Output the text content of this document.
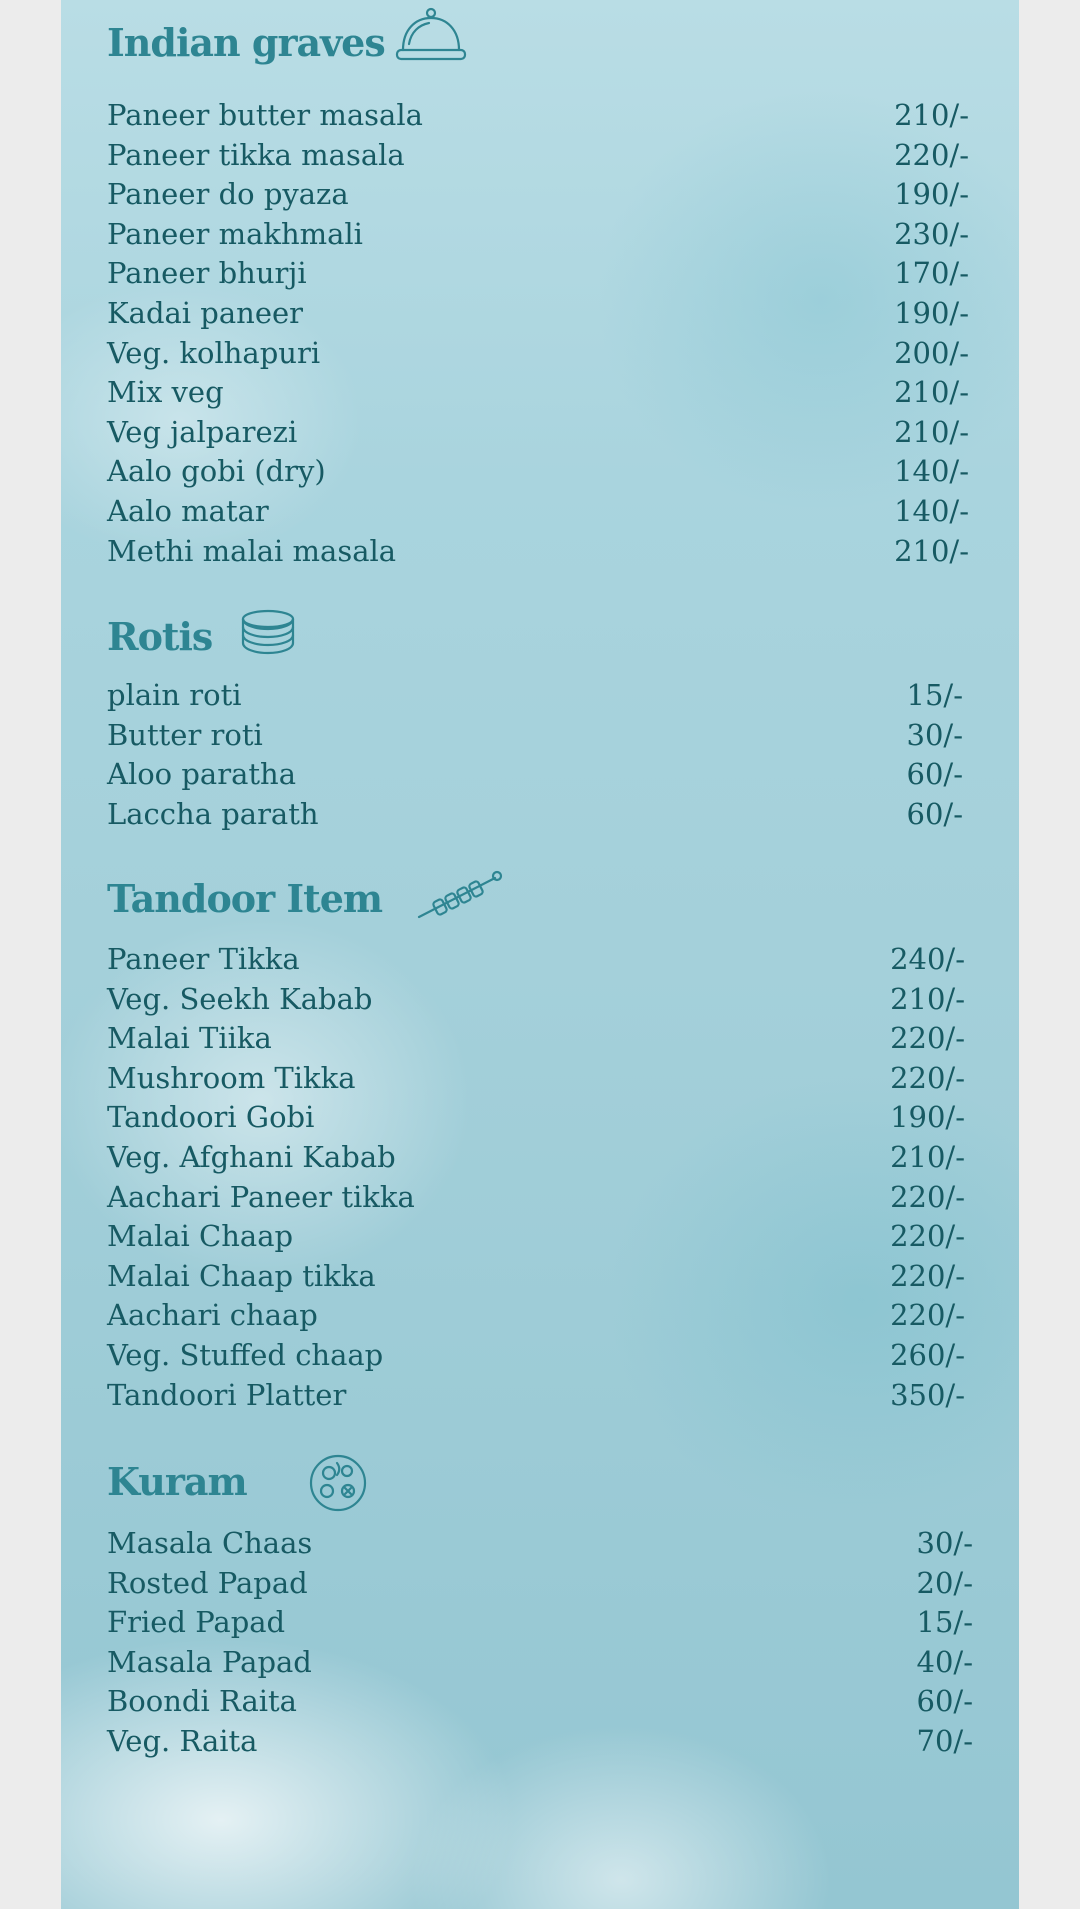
Indian graves
Paneer butter masala	210/-
Paneer tikka masala	220/-
Paneer do pyaza	190/-
Paneer makhmali	230/-
Paneer bhurji	170/-
Kadai paneer	190/-
Veg. kolhapuri	200/-
Mix veg	210/-
Veg jalparezi	210/-
Aalo gobi (dry)	140/-
Aalo matar	140/-
Methi malai masala	210/-
Rotis
plain roti	15/-
Butter roti	30/-
Aloo paratha	60/-
Laccha parath	60/-
Tandoor Item
Paneer Tikka	240/-
Veg. Seekh Kabab	210/-
Malai Tiika	220/-
Mushroom Tikka	220/-
Tandoori Gobi	190/-
Veg. Afghani Kabab	210/-
Aachari Paneer tikka	220/-
Malai Chaap	220/-
Malai Chaap tikka	220/-
Aachari chaap	220/-
Veg. Stuffed chaap	260/-
Tandoori Platter	350/-
Kuram
Masala Chaas	30/-
Rosted Papad	20/-
Fried Papad	15/-
Masala Papad	40/-
Boondi Raita	60/-
Veg. Raita	70/-
